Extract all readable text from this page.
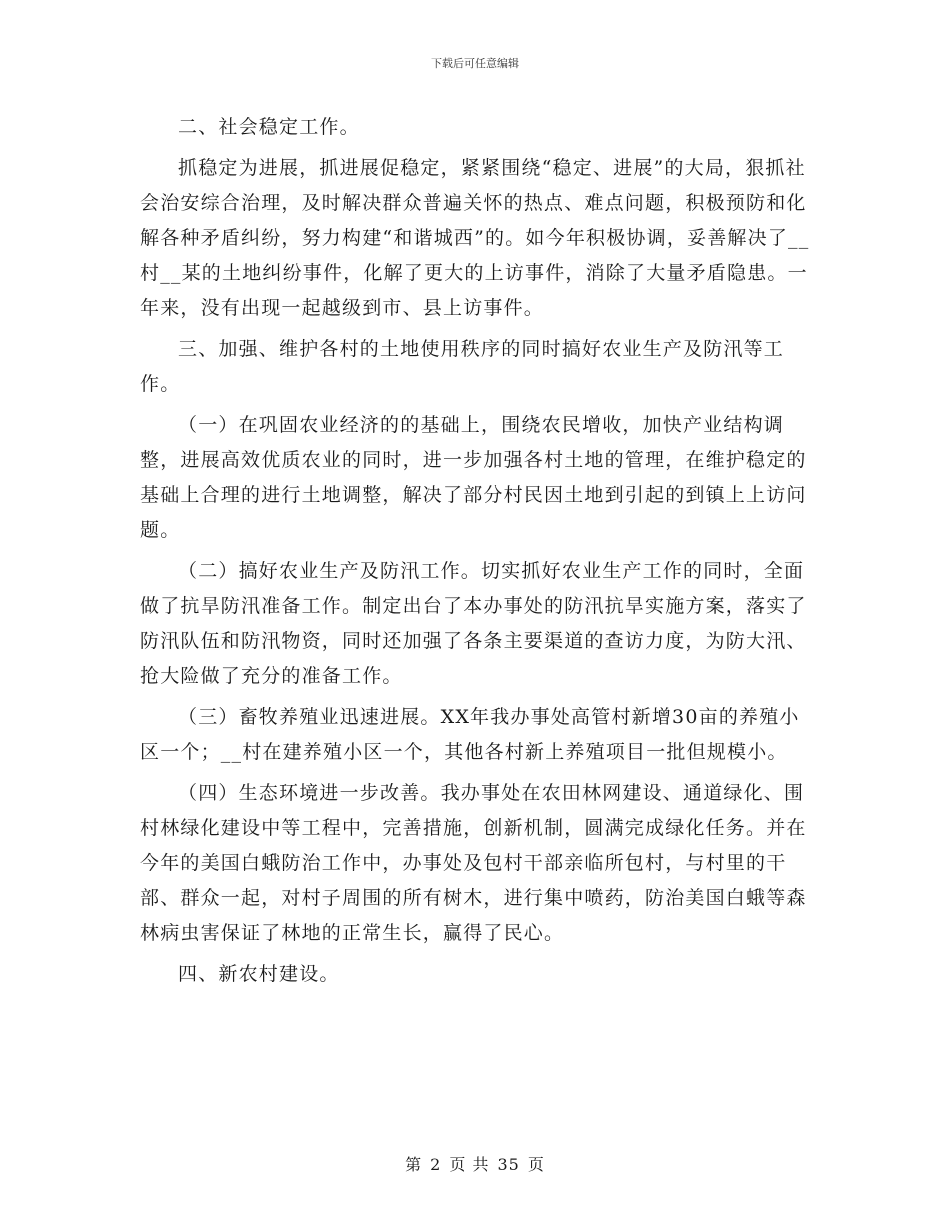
下载后可任意编辑

二、社会稳定工作。

抓稳定为进展，抓进展促稳定，紧紧围绕“稳定、进展”的大局，狠抓社会治安综合治理，及时解决群众普遍关怀的热点、难点问题，积极预防和化解各种矛盾纠纷，努力构建“和谐城西”的。如今年积极协调，妥善解决了__村__某的土地纠纷事件，化解了更大的上访事件，消除了大量矛盾隐患。一年来，没有出现一起越级到市、县上访事件。

三、加强、维护各村的土地使用秩序的同时搞好农业生产及防汛等工作。

（一）在巩固农业经济的的基础上，围绕农民增收，加快产业结构调整，进展高效优质农业的同时，进一步加强各村土地的管理，在维护稳定的基础上合理的进行土地调整，解决了部分村民因土地到引起的到镇上上访问题。

（二）搞好农业生产及防汛工作。切实抓好农业生产工作的同时，全面做了抗旱防汛准备工作。制定出台了本办事处的防汛抗旱实施方案，落实了防汛队伍和防汛物资，同时还加强了各条主要渠道的查访力度，为防大汛、抢大险做了充分的准备工作。

（三）畜牧养殖业迅速进展。XX年我办事处高管村新增30亩的养殖小区一个；__村在建养殖小区一个，其他各村新上养殖项目一批但规模小。

（四）生态环境进一步改善。我办事处在农田林网建设、通道绿化、围村林绿化建设中等工程中，完善措施，创新机制，圆满完成绿化任务。并在今年的美国白蛾防治工作中，办事处及包村干部亲临所包村，与村里的干部、群众一起，对村子周围的所有树木，进行集中喷药，防治美国白蛾等森林病虫害保证了林地的正常生长，赢得了民心。

四、新农村建设。

第 2 页 共 35 页
